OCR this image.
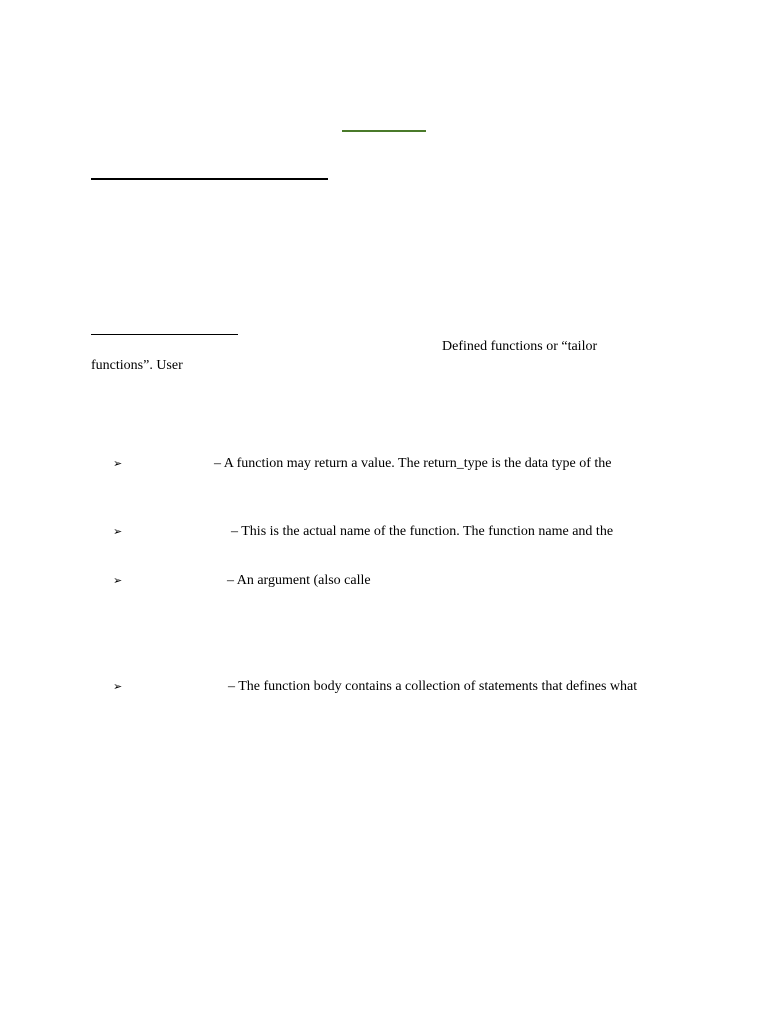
Defined functions or “tailor
functions”. User
➢	– A function may return a value. The return_type is the data type of the
➢	– This is the actual name of the function. The function name and the
➢	– An argument (also calle
➢	– The function body contains a collection of statements that defines what
